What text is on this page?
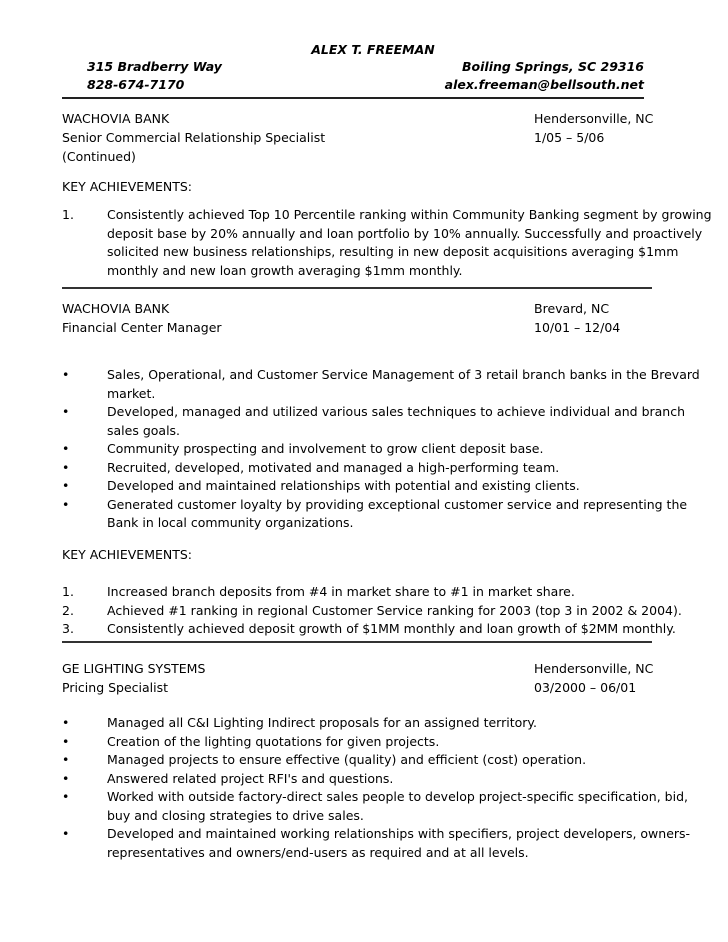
ALEX T. FREEMAN
315 Bradberry Way	Boiling Springs, SC 29316
828-674-7170	alex.freeman@bellsouth.net
WACHOVIA BANK	Hendersonville, NC
Senior Commercial Relationship Specialist	1/05 – 5/06
(Continued)
KEY ACHIEVEMENTS:
1.	Consistently achieved Top 10 Percentile ranking within Community Banking segment by growing
deposit base by 20% annually and loan portfolio by 10% annually. Successfully and proactively
solicited new business relationships, resulting in new deposit acquisitions averaging $1mm
monthly and new loan growth averaging $1mm monthly.
WACHOVIA BANK	Brevard, NC
Financial Center Manager	10/01 – 12/04
•	Sales, Operational, and Customer Service Management of 3 retail branch banks in the Brevard
market.
•	Developed, managed and utilized various sales techniques to achieve individual and branch
sales goals.
•	Community prospecting and involvement to grow client deposit base.
•	Recruited, developed, motivated and managed a high-performing team.
•	Developed and maintained relationships with potential and existing clients.
•	Generated customer loyalty by providing exceptional customer service and representing the
Bank in local community organizations.
KEY ACHIEVEMENTS:
1.	Increased branch deposits from #4 in market share to #1 in market share.
2.	Achieved #1 ranking in regional Customer Service ranking for 2003 (top 3 in 2002 & 2004).
3.	Consistently achieved deposit growth of $1MM monthly and loan growth of $2MM monthly.
GE LIGHTING SYSTEMS	Hendersonville, NC
Pricing Specialist	03/2000 – 06/01
•	Managed all C&I Lighting Indirect proposals for an assigned territory.
•	Creation of the lighting quotations for given projects.
•	Managed projects to ensure effective (quality) and efficient (cost) operation.
•	Answered related project RFI's and questions.
•	Worked with outside factory-direct sales people to develop project-specific specification, bid,
buy and closing strategies to drive sales.
•	Developed and maintained working relationships with specifiers, project developers, owners-
representatives and owners/end-users as required and at all levels.
